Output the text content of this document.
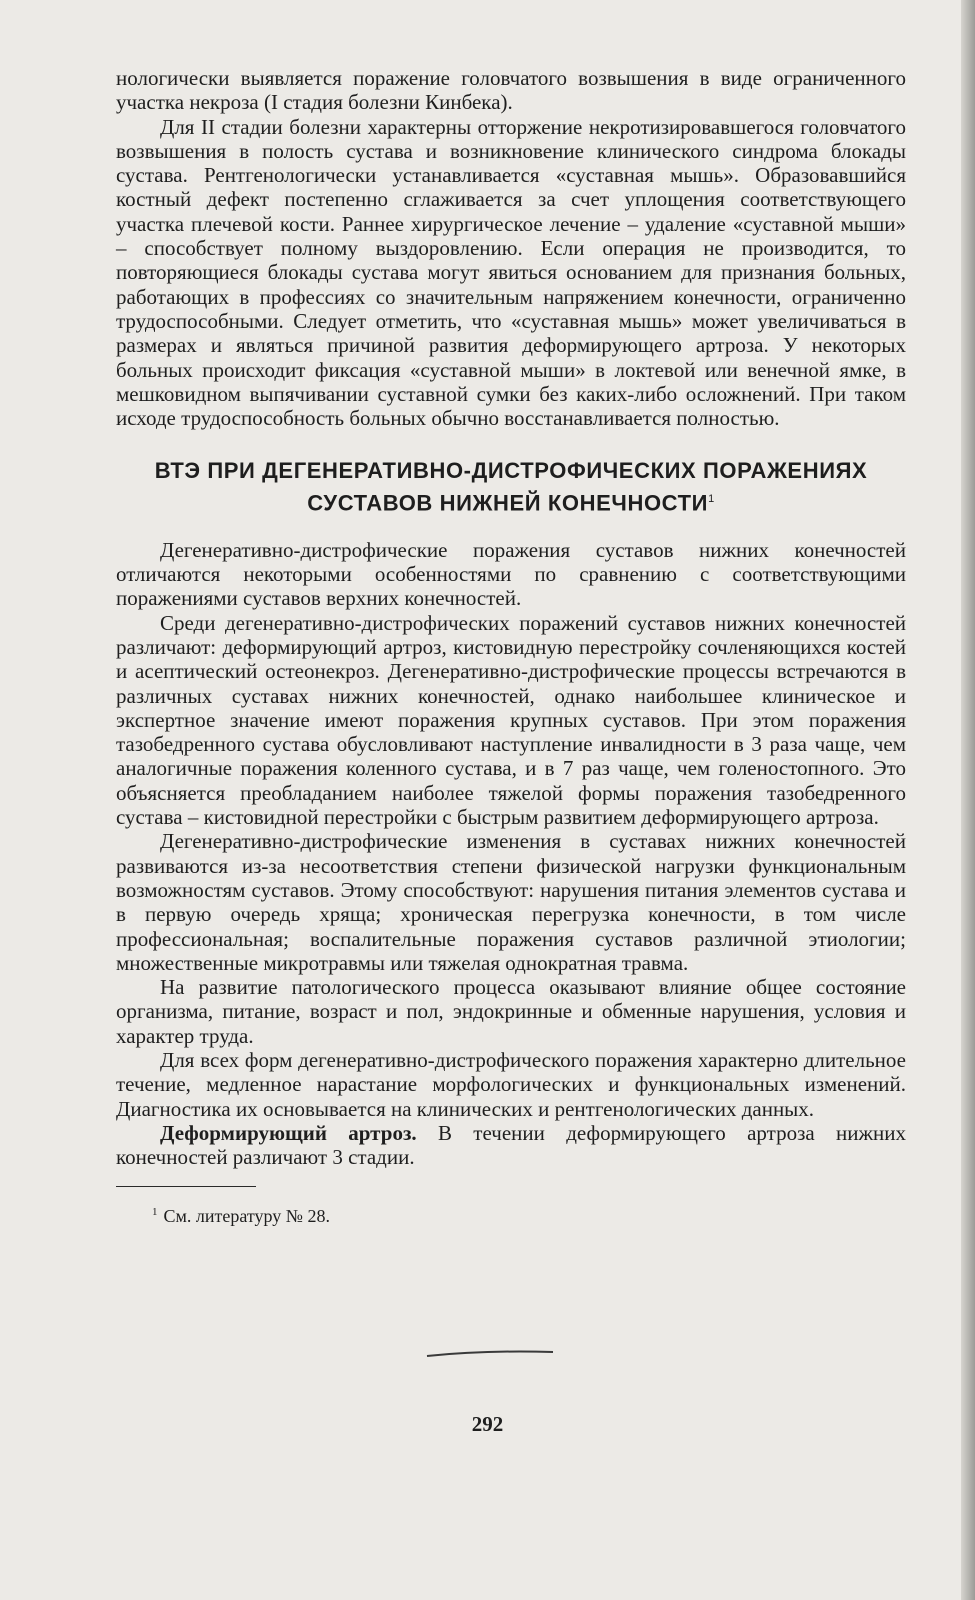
нологически выявляется поражение головчатого возвышения в виде ограниченного участка некроза (I стадия болезни Кинбека).

Для II стадии болезни характерны отторжение некротизировавшегося головчатого возвышения в полость сустава и возникновение клинического синдрома блокады сустава. Рентгенологически устанавливается «суставная мышь». Образовавшийся костный дефект постепенно сглаживается за счет уплощения соответствующего участка плечевой кости. Раннее хирургическое лечение – удаление «суставной мыши» – способствует полному выздоровлению. Если операция не производится, то повторяющиеся блокады сустава могут явиться основанием для признания больных, работающих в профессиях со значительным напряжением конечности, ограниченно трудоспособными. Следует отметить, что «суставная мышь» может увеличиваться в размерах и являться причиной развития деформирующего артроза. У некоторых больных происходит фиксация «суставной мыши» в локтевой или венечной ямке, в мешковидном выпячивании суставной сумки без каких-либо осложнений. При таком исходе трудоспособность больных обычно восстанавливается полностью.

ВТЭ ПРИ ДЕГЕНЕРАТИВНО-ДИСТРОФИЧЕСКИХ ПОРАЖЕНИЯХ СУСТАВОВ НИЖНЕЙ КОНЕЧНОСТИ$^1$

Дегенеративно-дистрофические поражения суставов нижних конечностей отличаются некоторыми особенностями по сравнению с соответствующими поражениями суставов верхних конечностей.

Среди дегенеративно-дистрофических поражений суставов нижних конечностей различают: деформирующий артроз, кистовидную перестройку сочленяющихся костей и асептический остеонекроз. Дегенеративно-дистрофические процессы встречаются в различных суставах нижних конечностей, однако наибольшее клиническое и экспертное значение имеют поражения крупных суставов. При этом поражения тазобедренного сустава обусловливают наступление инвалидности в 3 раза чаще, чем аналогичные поражения коленного сустава, и в 7 раз чаще, чем голеностопного. Это объясняется преобладанием наиболее тяжелой формы поражения тазобедренного сустава – кистовидной перестройки с быстрым развитием деформирующего артроза.

Дегенеративно-дистрофические изменения в суставах нижних конечностей развиваются из-за несоответствия степени физической нагрузки функциональным возможностям суставов. Этому способствуют: нарушения питания элементов сустава и в первую очередь хряща; хроническая перегрузка конечности, в том числе профессиональная; воспалительные поражения суставов различной этиологии; множественные микротравмы или тяжелая однократная травма.

На развитие патологического процесса оказывают влияние общее состояние организма, питание, возраст и пол, эндокринные и обменные нарушения, условия и характер труда.

Для всех форм дегенеративно-дистрофического поражения характерно длительное течение, медленное нарастание морфологических и функциональных изменений. Диагностика их основывается на клинических и рентгенологических данных.

Деформирующий артроз. В течении деформирующего артроза нижних конечностей различают 3 стадии.

$^1$ См. литературу № 28.

292
